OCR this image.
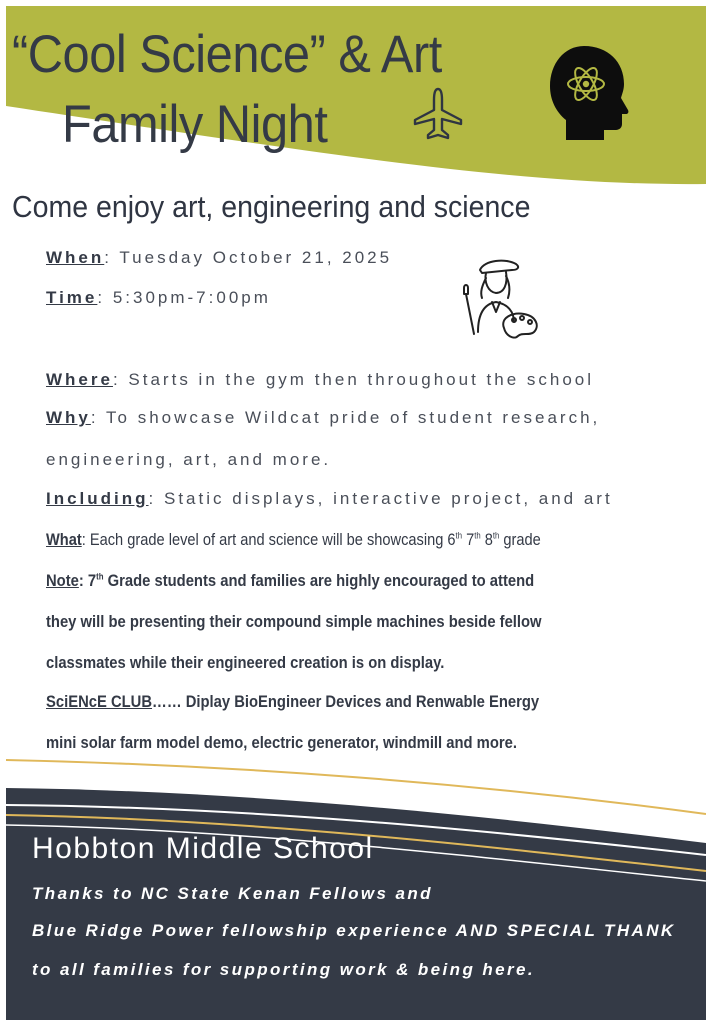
“Cool Science” & Art
Family Night
Come enjoy art, engineering and science
When: Tuesday October 21, 2025
Time: 5:30pm-7:00pm
Where: Starts in the gym then throughout the school
Why: To showcase Wildcat pride of student research,
engineering, art, and more.
Including: Static displays, interactive project, and art
What: Each grade level of art and science will be showcasing 6th 7th 8th grade
Note: 7th Grade students and families are highly encouraged to attend
they will be presenting their compound simple machines beside fellow
classmates while their engineered creation is on display.
SciENcE CLUB…… Diplay BioEngineer Devices and Renwable Energy
mini solar farm model demo, electric generator, windmill and more.
Hobbton Middle School
Thanks to NC State Kenan Fellows and
Blue Ridge Power fellowship experience AND SPECIAL THANK
to all families for supporting work & being here.
